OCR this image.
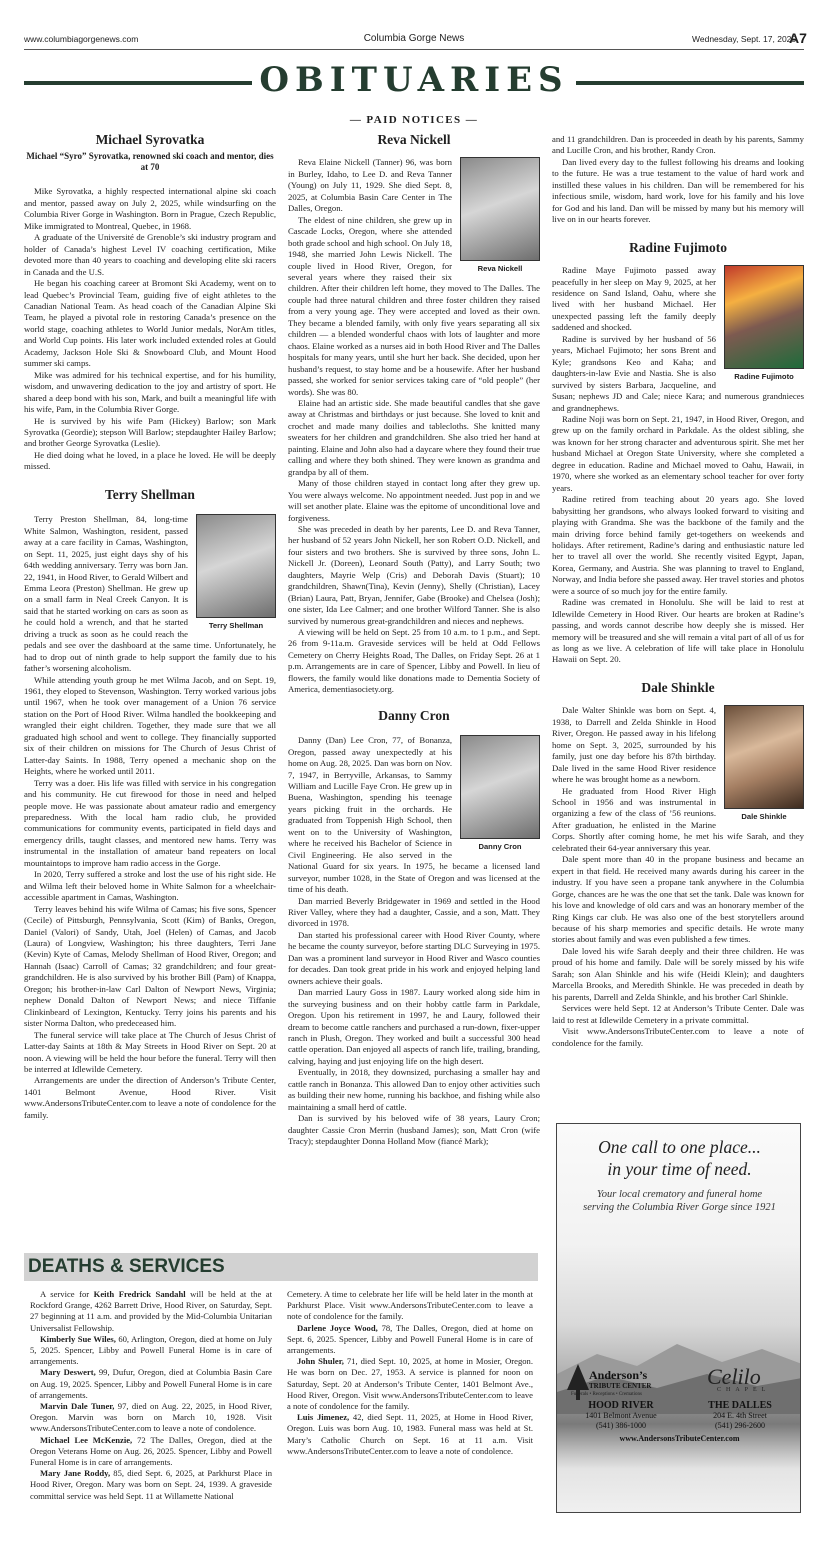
www.columbiagorgenews.com	Columbia Gorge News	Wednesday, Sept. 17, 2025
A7
OBITUARIES
— PAID NOTICES —
Michael Syrovatka
Michael “Syro” Syrovatka, renowned ski coach and mentor, dies at 70

Mike Syrovatka, a highly respected international alpine ski coach and mentor, passed away on July 2, 2025, while windsurfing on the Columbia River Gorge in Washington. Born in Prague, Czech Republic, Mike immigrated to Montreal, Quebec, in 1968.

A graduate of the Université de Grenoble’s ski industry program and holder of Canada’s highest Level IV coaching certification, Mike devoted more than 40 years to coaching and developing elite ski racers in Canada and the U.S.

He began his coaching career at Bromont Ski Academy, went on to lead Quebec’s Provincial Team, guiding five of eight athletes to the Canadian National Team. As head coach of the Canadian Alpine Ski Team, he played a pivotal role in restoring Canada’s presence on the world stage, coaching athletes to World Junior medals, NorAm titles, and World Cup points. His later work included extended roles at Gould Academy, Jackson Hole Ski & Snowboard Club, and Mount Hood summer ski camps.

Mike was admired for his technical expertise, and for his humility, wisdom, and unwavering dedication to the joy and artistry of sport. He shared a deep bond with his son, Mark, and built a meaningful life with his wife, Pam, in the Columbia River Gorge.

He is survived by his wife Pam (Hickey) Barlow; son Mark Syrovatka (Geordie); stepson Will Barlow; stepdaughter Hailey Barlow; and brother George Syrovatka (Leslie).

He died doing what he loved, in a place he loved. He will be deeply missed.

Terry Shellman
Terry Shellman

Terry Preston Shellman, 84, long-time White Salmon, Washington, resident, passed away at a care facility in Camas, Washington, on Sept. 11, 2025, just eight days shy of his 64th wedding anniversary. Terry was born Jan. 22, 1941, in Hood River, to Gerald Wilbert and Emma Leora (Preston) Shellman. He grew up on a small farm in Neal Creek Canyon. It is said that he started working on cars as soon as he could hold a wrench, and that he started driving a truck as soon as he could reach the pedals and see over the dashboard at the same time. Unfortunately, he had to drop out of ninth grade to help support the family due to his father’s worsening alcoholism.

While attending youth group he met Wilma Jacob, and on Sept. 19, 1961, they eloped to Stevenson, Washington. Terry worked various jobs until 1967, when he took over management of a Union 76 service station on the Port of Hood River. Wilma handled the bookkeeping and wrangled their eight children. Together, they made sure that we all graduated high school and went to college. They financially supported six of their children on missions for The Church of Jesus Christ of Latter-day Saints. In 1988, Terry opened a mechanic shop on the Heights, where he worked until 2011.

Terry was a doer. His life was filled with service in his congregation and his community. He cut firewood for those in need and helped people move. He was passionate about amateur radio and emergency preparedness. With the local ham radio club, he provided communications for community events, participated in field days and emergency drills, taught classes, and mentored new hams. Terry was instrumental in the installation of amateur band repeaters on local mountaintops to improve ham radio access in the Gorge.

In 2020, Terry suffered a stroke and lost the use of his right side. He and Wilma left their beloved home in White Salmon for a wheelchair-accessible apartment in Camas, Washington.

Terry leaves behind his wife Wilma of Camas; his five sons, Spencer (Cecile) of Pittsburgh, Pennsylvania, Scott (Kim) of Banks, Oregon, Daniel (Valori) of Sandy, Utah, Joel (Helen) of Camas, and Jacob (Laura) of Longview, Washington; his three daughters, Terri Jane (Kevin) Kyte of Camas, Melody Shellman of Hood River, Oregon; and Hannah (Isaac) Carroll of Camas; 32 grandchildren; and four great-grandchildren. He is also survived by his brother Bill (Pam) of Knappa, Oregon; his brother-in-law Carl Dalton of Newport News, Virginia; nephew Donald Dalton of Newport News; and niece Tiffanie Clinkinbeard of Lexington, Kentucky. Terry joins his parents and his sister Norma Dalton, who predeceased him.

The funeral service will take place at The Church of Jesus Christ of Latter-day Saints at 18th & May Streets in Hood River on Sept. 20 at noon. A viewing will be held the hour before the funeral. Terry will then be interred at Idlewilde Cemetery.

Arrangements are under the direction of Anderson’s Tribute Center, 1401 Belmont Avenue, Hood River. Visit www.AndersonsTributeCenter.com to leave a note of condolence for the family.

Reva Nickell
Reva Nickell

Reva Elaine Nickell (Tanner) 96, was born in Burley, Idaho, to Lee D. and Reva Tanner (Young) on July 11, 1929. She died Sept. 8, 2025, at Columbia Basin Care Center in The Dalles, Oregon.

The eldest of nine children, she grew up in Cascade Locks, Oregon, where she attended both grade school and high school. On July 18, 1948, she married John Lewis Nickell. The couple lived in Hood River, Oregon, for several years where they raised their six children. After their children left home, they moved to The Dalles. The couple had three natural children and three foster children they raised from a very young age. They were accepted and loved as their own. They became a blended family, with only five years separating all six children — a blended wonderful chaos with lots of laughter and more chaos. Elaine worked as a nurses aid in both Hood River and The Dalles hospitals for many years, until she hurt her back. She decided, upon her husband’s request, to stay home and be a housewife. After her husband passed, she worked for senior services taking care of “old people” (her words). She was 80.

Elaine had an artistic side. She made beautiful candles that she gave away at Christmas and birthdays or just because. She loved to knit and crochet and made many doilies and tablecloths. She knitted many sweaters for her children and grandchildren. She also tried her hand at painting. Elaine and John also had a daycare where they found their true calling and where they both shined. They were known as grandma and grandpa by all of them.

Many of those children stayed in contact long after they grew up. You were always welcome. No appointment needed. Just pop in and we will set another plate. Elaine was the epitome of unconditional love and forgiveness.

She was preceded in death by her parents, Lee D. and Reva Tanner, her husband of 52 years John Nickell, her son Robert O.D. Nickell, and four sisters and two brothers. She is survived by three sons, John L. Nickell Jr. (Doreen), Leonard South (Patty), and Larry South; two daughters, Mayrie Welp (Cris) and Deborah Davis (Stuart); 10 grandchildren, Shawn(Tina), Kevin (Jenny), Shelly (Christian), Lacey (Brian) Laura, Patt, Bryan, Jennifer, Gabe (Brooke) and Chelsea (Josh); one sister, Ida Lee Calmer; and one brother Wilford Tanner. She is also survived by numerous great-grandchildren and nieces and nephews.

A viewing will be held on Sept. 25 from 10 a.m. to 1 p.m., and Sept. 26 from 9-11a.m. Graveside services will be held at Odd Fellows Cemetery on Cherry Heights Road, The Dalles, on Friday Sept. 26 at 1 p.m. Arrangements are in care of Spencer, Libby and Powell. In lieu of flowers, the family would like donations made to Dementia Society of America, dementiasociety.org.

Danny Cron
Danny Cron

Danny (Dan) Lee Cron, 77, of Bonanza, Oregon, passed away unexpectedly at his home on Aug. 28, 2025. Dan was born on Nov. 7, 1947, in Berryville, Arkansas, to Sammy William and Lucille Faye Cron. He grew up in Buena, Washington, spending his teenage years picking fruit in the orchards. He graduated from Toppenish High School, then went on to the University of Washington, where he received his Bachelor of Science in Civil Engineering. He also served in the National Guard for six years. In 1975, he became a licensed land surveyor, number 1028, in the State of Oregon and was licensed at the time of his death.

Dan married Beverly Bridgewater in 1969 and settled in the Hood River Valley, where they had a daughter, Cassie, and a son, Matt. They divorced in 1978.

Dan started his professional career with Hood River County, where he became the county surveyor, before starting DLC Surveying in 1975. Dan was a prominent land surveyor in Hood River and Wasco counties for decades. Dan took great pride in his work and enjoyed helping land owners achieve their goals.

Dan married Laury Goss in 1987. Laury worked along side him in the surveying business and on their hobby cattle farm in Parkdale, Oregon. Upon his retirement in 1997, he and Laury, followed their dream to become cattle ranchers and purchased a run-down, fixer-upper ranch in Plush, Oregon. They worked and built a successful 300 head cattle operation. Dan enjoyed all aspects of ranch life, trailing, branding, calving, haying and just enjoying life on the high desert.

Eventually, in 2018, they downsized, purchasing a smaller hay and cattle ranch in Bonanza. This allowed Dan to enjoy other activities such as building their new home, running his backhoe, and fishing while also maintaining a small herd of cattle.

Dan is survived by his beloved wife of 38 years, Laury Cron; daughter Cassie Cron Merrin (husband James); son, Matt Cron (wife Tracy); stepdaughter Donna Holland Mow (fiancé Mark);

and 11 grandchildren. Dan is proceeded in death by his parents, Sammy and Lucille Cron, and his brother, Randy Cron.

Dan lived every day to the fullest following his dreams and looking to the future. He was a true testament to the value of hard work and instilled these values in his children. Dan will be remembered for his infectious smile, wisdom, hard work, love for his family and his love for God and his land. Dan will be missed by many but his memory will live on in our hearts forever.

Radine Fujimoto
Radine Fujimoto

Radine Maye Fujimoto passed away peacefully in her sleep on May 9, 2025, at her residence on Sand Island, Oahu, where she lived with her husband Michael. Her unexpected passing left the family deeply saddened and shocked.

Radine is survived by her husband of 56 years, Michael Fujimoto; her sons Brent and Kyle; grandsons Keo and Kaha; and daughters-in-law Evie and Nastia. She is also survived by sisters Barbara, Jacqueline, and Susan; nephews JD and Cale; niece Kara; and numerous grandnieces and grandnephews.

Radine Noji was born on Sept. 21, 1947, in Hood River, Oregon, and grew up on the family orchard in Parkdale. As the oldest sibling, she was known for her strong character and adventurous spirit. She met her husband Michael at Oregon State University, where she completed a degree in education. Radine and Michael moved to Oahu, Hawaii, in 1970, where she worked as an elementary school teacher for over forty years.

Radine retired from teaching about 20 years ago. She loved babysitting her grandsons, who always looked forward to visiting and playing with Grandma. She was the backbone of the family and the main driving force behind family get-togethers on weekends and holidays. After retirement, Radine’s daring and enthusiastic nature led her to travel all over the world. She recently visited Egypt, Japan, Korea, Germany, and Austria. She was planning to travel to England, Norway, and India before she passed away. Her travel stories and photos were a source of so much joy for the entire family.

Radine was cremated in Honolulu. She will be laid to rest at Idlewilde Cemetery in Hood River. Our hearts are broken at Radine’s passing, and words cannot describe how deeply she is missed. Her memory will be treasured and she will remain a vital part of all of us for as long as we live. A celebration of life will take place in Honolulu Hawaii on Sept. 20.

Dale Shinkle
Dale Shinkle

Dale Walter Shinkle was born on Sept. 4, 1938, to Darrell and Zelda Shinkle in Hood River, Oregon. He passed away in his lifelong home on Sept. 3, 2025, surrounded by his family, just one day before his 87th birthday. Dale lived in the same Hood River residence where he was brought home as a newborn.

He graduated from Hood River High School in 1956 and was instrumental in organizing a few of the class of ’56 reunions. After graduation, he enlisted in the Marine Corps. Shortly after coming home, he met his wife Sarah, and they celebrated their 64-year anniversary this year.

Dale spent more than 40 in the propane business and became an expert in that field. He received many awards during his career in the industry. If you have seen a propane tank anywhere in the Columbia Gorge, chances are he was the one that set the tank. Dale was known for his love and knowledge of old cars and was an honorary member of the Ring Kings car club. He was also one of the best storytellers around because of his sharp memories and specific details. He wrote many stories about family and was even published a few times.

Dale loved his wife Sarah deeply and their three children. He was proud of his home and family. Dale will be sorely missed by his wife Sarah; son Alan Shinkle and his wife (Heidi Klein); and daughters Marcella Brooks, and Meredith Shinkle. He was preceded in death by his parents, Darrell and Zelda Shinkle, and his brother Carl Shinkle.

Services were held Sept. 12 at Anderson’s Tribute Center. Dale was laid to rest at Idlewilde Cemetery in a private committal.

Visit www.AndersonsTributeCenter.com to leave a note of condolence for the family.

DEATHS & SERVICES

A service for Keith Fredrick Sandahl will be held at the at Rockford Grange, 4262 Barrett Drive, Hood River, on Saturday, Sept. 27 beginning at 11 a.m. and provided by the Mid-Columbia Unitarian Universalist Fellowship.

Kimberly Sue Wiles, 60, Arlington, Oregon, died at home on July 5, 2025. Spencer, Libby and Powell Funeral Home is in care of arrangements.

Mary Deswert, 99, Dufur, Oregon, died at Columbia Basin Care on Aug. 19, 2025. Spencer, Libby and Powell Funeral Home is in care of arrangements.

Marvin Dale Tuner, 97, died on Aug. 22, 2025, in Hood River, Oregon. Marvin was born on March 10, 1928. Visit www.AndersonsTributeCenter.com to leave a note of condolence.

Michael Lee McKenzie, 72 The Dalles, Oregon, died at the Oregon Veterans Home on Aug. 26, 2025. Spencer, Libby and Powell Funeral Home is in care of arrangements.

Mary Jane Roddy, 85, died Sept. 6, 2025, at Parkhurst Place in Hood River, Oregon. Mary was born on Sept. 24, 1939. A graveside committal service was held Sept. 11 at Willamette National

Cemetery. A time to celebrate her life will be held later in the month at Parkhurst Place. Visit www.AndersonsTributeCenter.com to leave a note of condolence for the family.

Darlene Joyce Wood, 78, The Dalles, Oregon, died at home on Sept. 6, 2025. Spencer, Libby and Powell Funeral Home is in care of arrangements.

John Shuler, 71, died Sept. 10, 2025, at home in Mosier, Oregon. He was born on Dec. 27, 1953. A service is planned for noon on Saturday, Sept. 20 at Anderson’s Tribute Center, 1401 Belmont Ave., Hood River, Oregon. Visit www.AndersonsTributeCenter.com to leave a note of condolence for the family.

Luis Jimenez, 42, died Sept. 11, 2025, at Home in Hood River, Oregon. Luis was born Aug. 10, 1983. Funeral mass was held at St. Mary’s Catholic Church on Sept. 16 at 11 a.m. Visit www.AndersonsTributeCenter.com to leave a note of condolence.

One call to one place...
in your time of need.
Your local crematory and funeral home
serving the Columbia River Gorge since 1921
Anderson’s
TRIBUTE CENTER
Funerals • Receptions • Cremations
Celilo
CHAPEL
HOOD RIVER
1401 Belmont Avenue
(541) 386-1000
THE DALLES
204 E. 4th Street
(541) 296-2600
www.AndersonsTributeCenter.com
